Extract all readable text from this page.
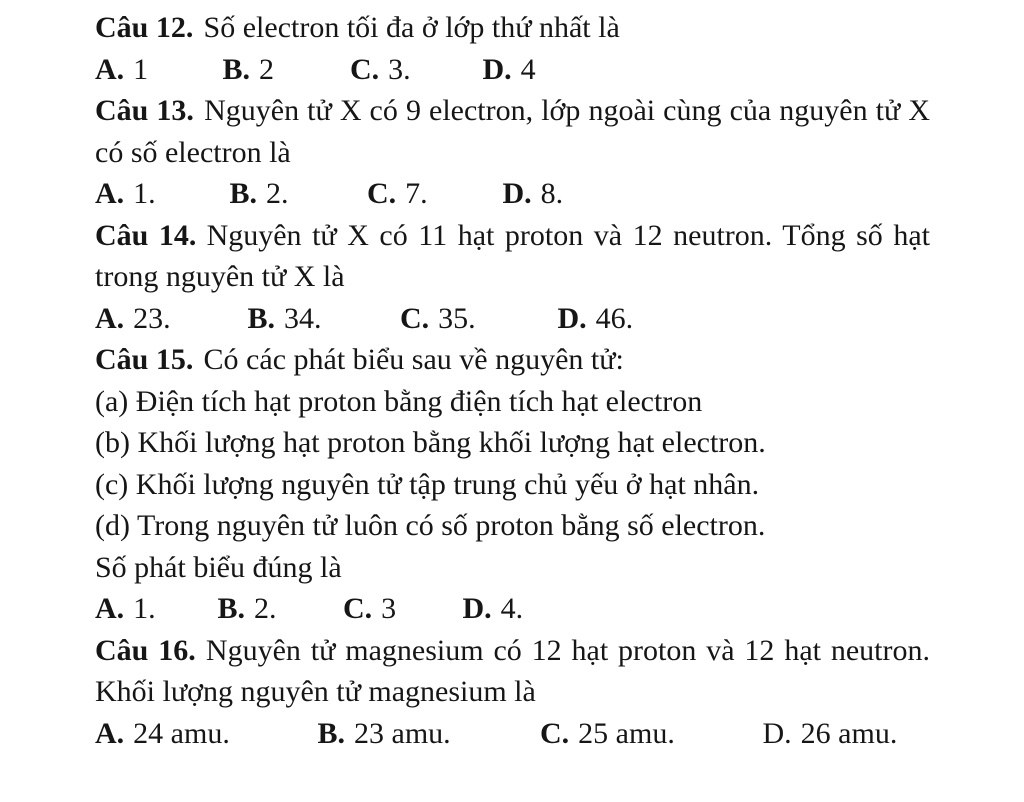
Câu 12. Số electron tối đa ở lớp thứ nhất là

A. 1 B. 2	C. 3. D. 4

Câu 13. Nguyên tử X có 9 electron, lớp ngoài cùng của nguyên tử X có số electron là

A. 1. B. 2.	C. 7. D. 8.

Câu 14. Nguyên tử X có 11 hạt proton và 12 neutron. Tổng số hạt trong nguyên tử X là

A. 23.	B. 34.	C. 35.	D. 46.

Câu 15. Có các phát biểu sau về nguyên tử:

(a) Điện tích hạt proton bằng điện tích hạt electron

(b) Khối lượng hạt proton bằng khối lượng hạt electron.

(c) Khối lượng nguyên tử tập trung chủ yếu ở hạt nhân.

(d) Trong nguyên tử luôn có số proton bằng số electron.

Số phát biểu đúng là

A. 1. B. 2. C. 3 D. 4.

Câu 16. Nguyên tử magnesium có 12 hạt proton và 12 hạt neutron. Khối lượng nguyên tử magnesium là

A. 24 amu.	B. 23 amu.	C. 25 amu.	D. 26 amu.
